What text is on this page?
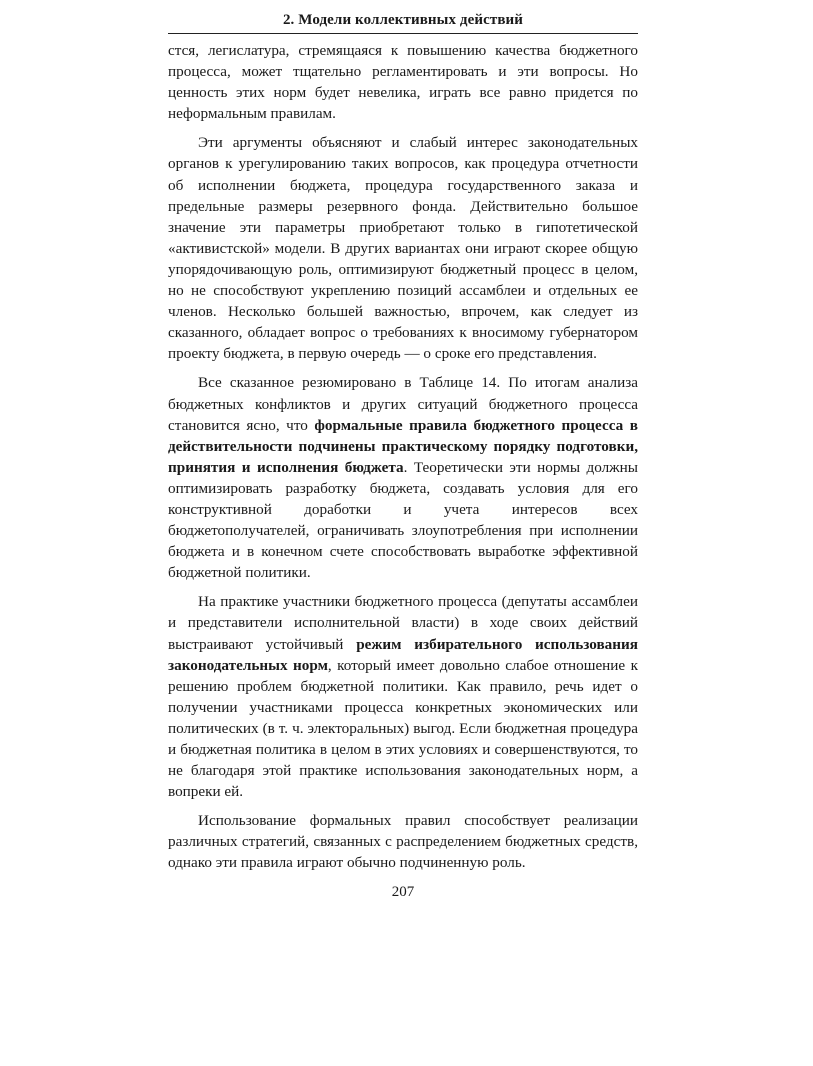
2. Модели коллективных действий

стся, легислатура, стремящаяся к повышению качества бюджетного процесса, может тщательно регламентировать и эти вопросы. Но ценность этих норм будет невелика, играть все равно придется по неформальным правилам.

Эти аргументы объясняют и слабый интерес законодательных органов к урегулированию таких вопросов, как процедура отчетности об исполнении бюджета, процедура государственного заказа и предельные размеры резервного фонда. Действительно большое значение эти параметры приобретают только в гипотетической «активистской» модели. В других вариантах они играют скорее общую упорядочивающую роль, оптимизируют бюджетный процесс в целом, но не способствуют укреплению позиций ассамблеи и отдельных ее членов. Несколько большей важностью, впрочем, как следует из сказанного, обладает вопрос о требованиях к вносимому губернатором проекту бюджета, в первую очередь — о сроке его представления.

Все сказанное резюмировано в Таблице 14. По итогам анализа бюджетных конфликтов и других ситуаций бюджетного процесса становится ясно, что формальные правила бюджетного процесса в действительности подчинены практическому порядку подготовки, принятия и исполнения бюджета. Теоретически эти нормы должны оптимизировать разработку бюджета, создавать условия для его конструктивной доработки и учета интересов всех бюджетополучателей, ограничивать злоупотребления при исполнении бюджета и в конечном счете способствовать выработке эффективной бюджетной политики.

На практике участники бюджетного процесса (депутаты ассамблеи и представители исполнительной власти) в ходе своих действий выстраивают устойчивый режим избирательного использования законодательных норм, который имеет довольно слабое отношение к решению проблем бюджетной политики. Как правило, речь идет о получении участниками процесса конкретных экономических или политических (в т. ч. электоральных) выгод. Если бюджетная процедура и бюджетная политика в целом в этих условиях и совершенствуются, то не благодаря этой практике использования законодательных норм, а вопреки ей.

Использование формальных правил способствует реализации различных стратегий, связанных с распределением бюджетных средств, однако эти правила играют обычно подчиненную роль.

207
